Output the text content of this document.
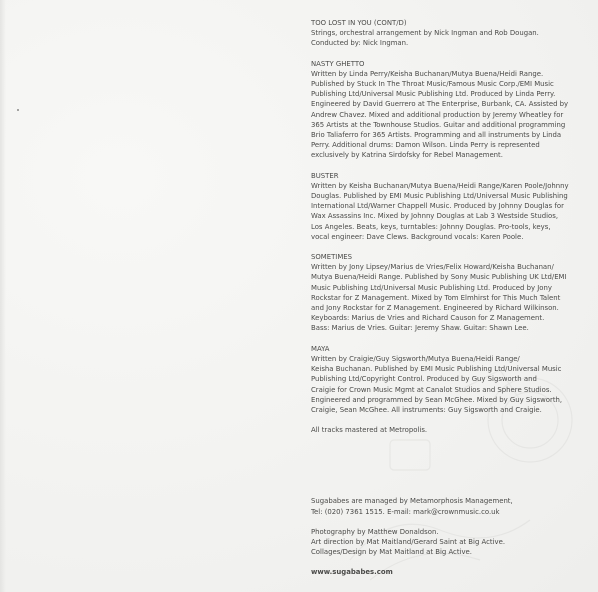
TOO LOST IN YOU (CONT/D)

Strings, orchestral arrangement by Nick Ingman and Rob Dougan.

Conducted by: Nick Ingman.

NASTY GHETTO

Written by Linda Perry/Keisha Buchanan/Mutya Buena/Heidi Range.

Published by Stuck In The Throat Music/Famous Music Corp./EMI Music

Publishing Ltd/Universal Music Publishing Ltd. Produced by Linda Perry.

Engineered by David Guerrero at The Enterprise, Burbank, CA. Assisted by

Andrew Chavez. Mixed and additional production by Jeremy Wheatley for

365 Artists at the Townhouse Studios. Guitar and additional programming

Brio Taliaferro for 365 Artists. Programming and all instruments by Linda

Perry. Additional drums: Damon Wilson. Linda Perry is represented

exclusively by Katrina Sirdofsky for Rebel Management.

BUSTER

Written by Keisha Buchanan/Mutya Buena/Heidi Range/Karen Poole/Johnny

Douglas. Published by EMI Music Publishing Ltd/Universal Music Publishing

International Ltd/Warner Chappell Music. Produced by Johnny Douglas for

Wax Assassins Inc. Mixed by Johnny Douglas at Lab 3 Westside Studios,

Los Angeles. Beats, keys, turntables: Johnny Douglas. Pro-tools, keys,

vocal engineer: Dave Clews. Background vocals: Karen Poole.

SOMETIMES

Written by Jony Lipsey/Marius de Vries/Felix Howard/Keisha Buchanan/

Mutya Buena/Heidi Range. Published by Sony Music Publishing UK Ltd/EMI

Music Publishing Ltd/Universal Music Publishing Ltd. Produced by Jony

Rockstar for Z Management. Mixed by Tom Elmhirst for This Much Talent

and Jony Rockstar for Z Management. Engineered by Richard Wilkinson.

Keyboards: Marius de Vries and Richard Causon for Z Management.

Bass: Marius de Vries. Guitar: Jeremy Shaw. Guitar: Shawn Lee.

MAYA

Written by Craigie/Guy Sigsworth/Mutya Buena/Heidi Range/

Keisha Buchanan. Published by EMI Music Publishing Ltd/Universal Music

Publishing Ltd/Copyright Control. Produced by Guy Sigsworth and

Craigie for Crown Music Mgmt at Canalot Studios and Sphere Studios.

Engineered and programmed by Sean McGhee. Mixed by Guy Sigsworth,

Craigie, Sean McGhee. All instruments: Guy Sigsworth and Craigie.

All tracks mastered at Metropolis.

Sugababes are managed by Metamorphosis Management,

Tel: (020) 7361 1515. E-mail: mark@crownmusic.co.uk

Photography by Matthew Donaldson.

Art direction by Mat Maitland/Gerard Saint at Big Active.

Collages/Design by Mat Maitland at Big Active.

www.sugababes.com
